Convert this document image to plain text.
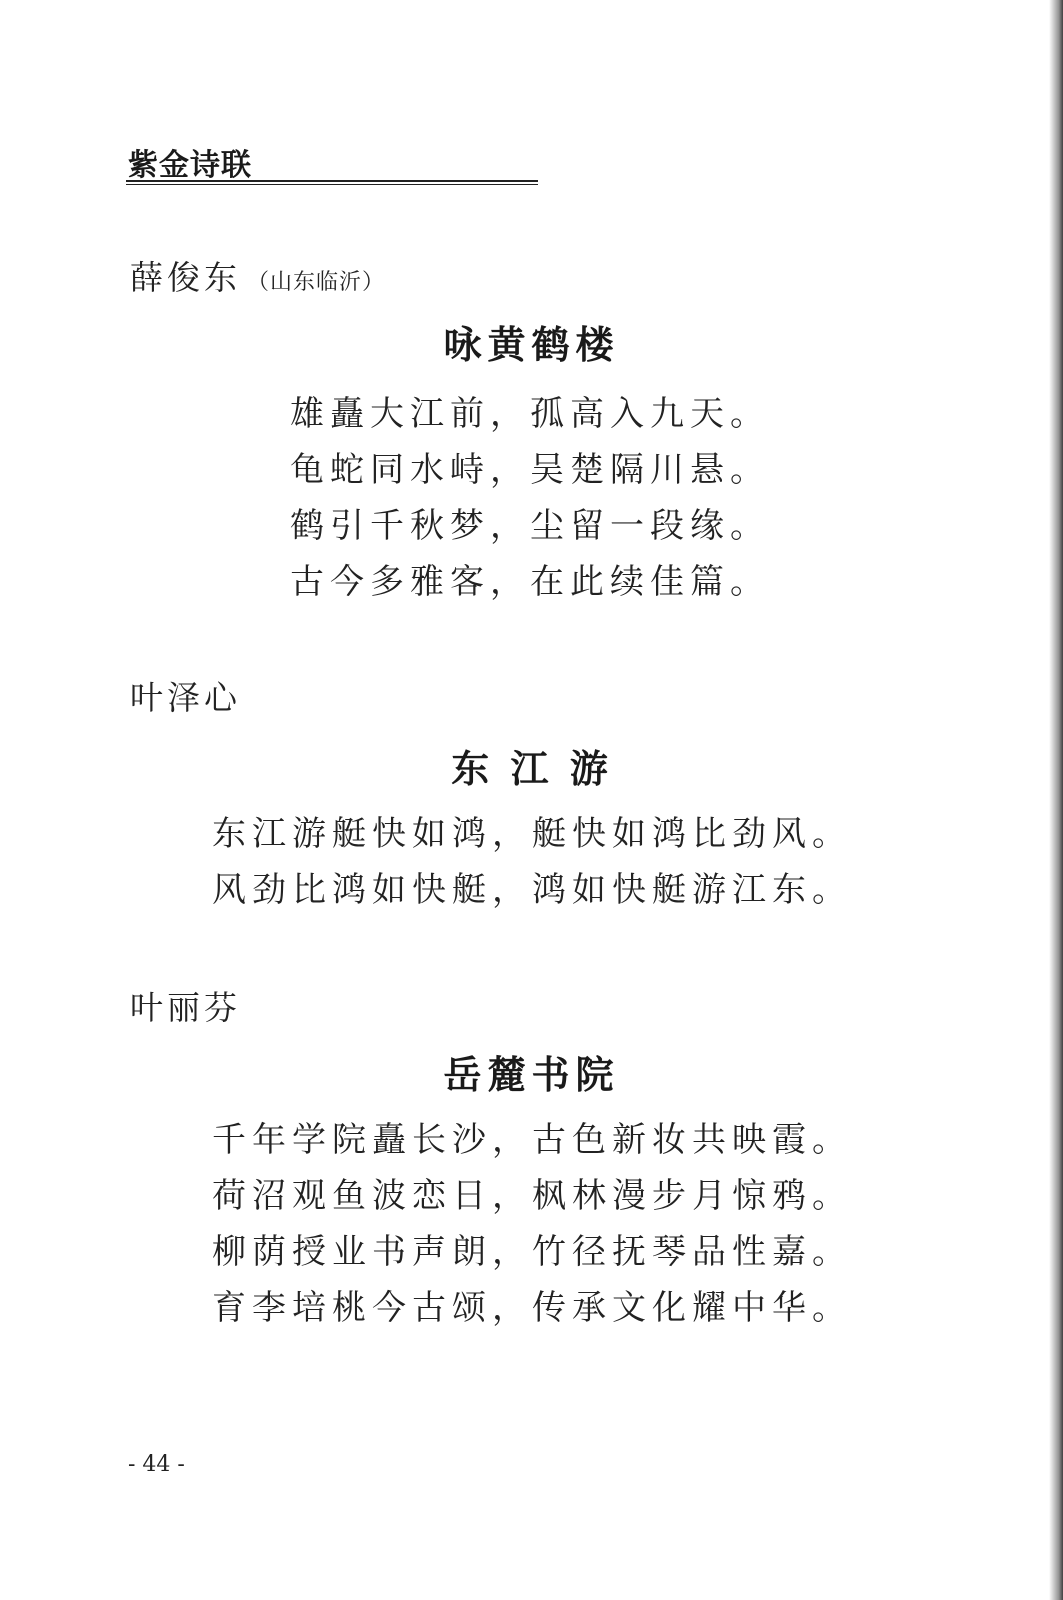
紫金诗联
薛俊东 （山东临沂）
咏黄鹤楼
雄矗大江前，孤高入九天。
龟蛇同水峙，吴楚隔川悬。
鹤引千秋梦，尘留一段缘。
古今多雅客，在此续佳篇。
叶泽心
东 江 游
东江游艇快如鸿，艇快如鸿比劲风。
风劲比鸿如快艇，鸿如快艇游江东。
叶丽芬
岳麓书院
千年学院矗长沙，古色新妆共映霞。
荷沼观鱼波恋日，枫林漫步月惊鸦。
柳荫授业书声朗，竹径抚琴品性嘉。
育李培桃今古颂，传承文化耀中华。
- 44 -
